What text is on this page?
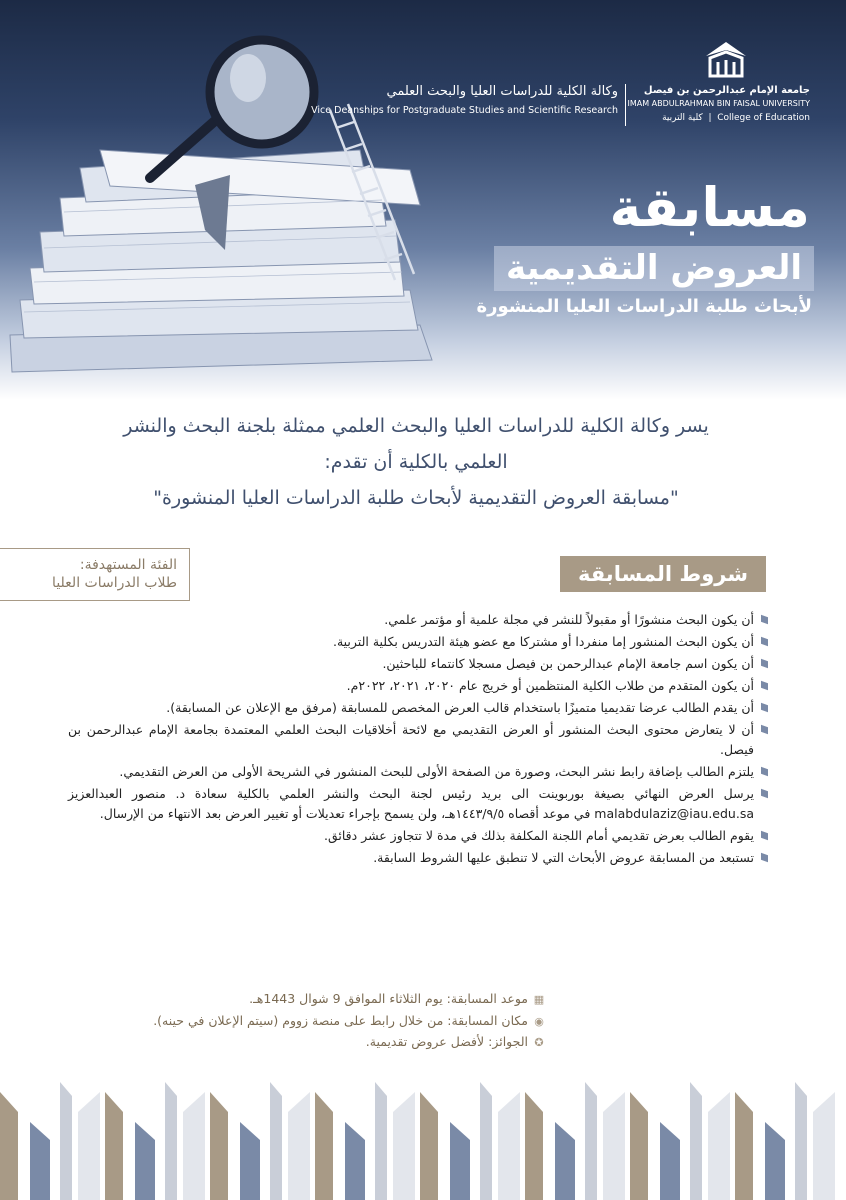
جامعة الإمام عبدالرحمن بن فيصل
IMAM ABDULRAHMAN BIN FAISAL UNIVERSITY
كلية التربية  |  College of Education
وكالة الكلية للدراسات العليا والبحث العلمي
Vice Deanships for Postgraduate Studies and Scientific Research
مسابقة
العروض التقديمية
لأبحاث طلبة الدراسات العليا المنشورة
يسر وكالة الكلية للدراسات العليا والبحث العلمي ممثلة بلجنة البحث والنشر
العلمي بالكلية أن تقدم:
"مسابقة العروض التقديمية لأبحاث طلبة الدراسات العليا المنشورة"
الفئة المستهدفة:
طلاب الدراسات العليا	شروط المسابقة
أن يكون البحث منشورًا أو مقبولاً للنشر في مجلة علمية أو مؤتمر علمي.
أن يكون البحث المنشور إما منفردا أو مشتركا مع عضو هيئة التدريس بكلية التربية.
أن يكون اسم جامعة الإمام عبدالرحمن بن فيصل مسجلا كانتماء للباحثين.
أن يكون المتقدم من طلاب الكلية المنتظمين أو خريج عام ٢٠٢٠، ٢٠٢١، ٢٠٢٢م.
أن يقدم الطالب عرضا تقديميا متميزًا باستخدام قالب العرض المخصص للمسابقة (مرفق مع الإعلان عن المسابقة).
أن لا يتعارض محتوى البحث المنشور أو العرض التقديمي مع لائحة أخلاقيات البحث العلمي المعتمدة بجامعة الإمام عبدالرحمن بن فيصل.
يلتزم الطالب بإضافة رابط نشر البحث، وصورة من الصفحة الأولى للبحث المنشور في الشريحة الأولى من العرض التقديمي.
يرسل العرض النهائي بصيغة بوربوينت الى بريد رئيس لجنة البحث والنشر العلمي بالكلية سعادة د. منصور العبدالعزيز malabdulaziz@iau.edu.sa في موعد أقصاه ١٤٤٣/٩/٥هـ، ولن يسمح بإجراء تعديلات أو تغيير العرض بعد الانتهاء من الإرسال.
يقوم الطالب بعرض تقديمي أمام اللجنة المكلفة بذلك في مدة لا تتجاوز عشر دقائق.
تستبعد من المسابقة عروض الأبحاث التي لا تنطبق عليها الشروط السابقة.
▦موعد المسابقة: يوم الثلاثاء الموافق 9 شوال 1443هـ.
◉مكان المسابقة: من خلال رابط على منصة زووم (سيتم الإعلان في حينه).
✪الجوائز: لأفضل عروض تقديمية.
